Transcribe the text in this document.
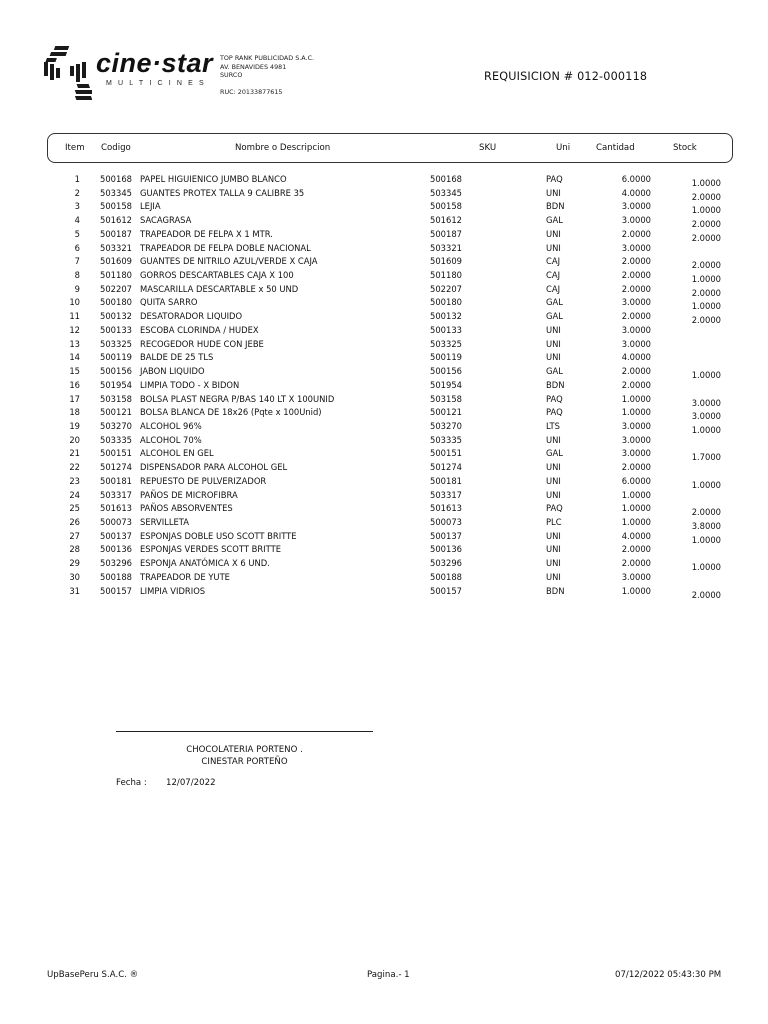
cine·star
MULTICINES
TOP RANK PUBLICIDAD S.A.C.
AV. BENAVIDES 4981
SURCO
RUC: 20133877615
REQUISICION # 012-000118
Item Codigo	Nombre o Descripcion	SKU	Uni	Cantidad	Stock
1 500168 PAPEL HIGUIENICO JUMBO BLANCO	500168	PAQ	6.0000	1.0000
2 503345 GUANTES PROTEX TALLA 9 CALIBRE 35	503345	UNI	4.0000	2.0000
3 500158 LEJIA	500158	BDN	3.0000	1.0000
4 501612 SACAGRASA	501612	GAL	3.0000	2.0000
5 500187 TRAPEADOR DE FELPA X 1 MTR.	500187	UNI	2.0000	2.0000
6 503321 TRAPEADOR DE FELPA DOBLE NACIONAL	503321	UNI	3.0000
7 501609 GUANTES DE NITRILO AZUL/VERDE X CAJA	501609	CAJ	2.0000	2.0000
8 501180 GORROS DESCARTABLES CAJA X 100	501180	CAJ	2.0000	1.0000
9 502207 MASCARILLA DESCARTABLE x 50 UND	502207	CAJ	2.0000	2.0000
10 500180 QUITA SARRO	500180	GAL	3.0000	1.0000
11 500132 DESATORADOR LIQUIDO	500132	GAL	2.0000	2.0000
12 500133 ESCOBA CLORINDA / HUDEX	500133	UNI	3.0000
13 503325 RECOGEDOR HUDE CON JEBE	503325	UNI	3.0000
14 500119 BALDE DE 25 TLS	500119	UNI	4.0000
15 500156 JABON LIQUIDO	500156	GAL	2.0000	1.0000
16 501954 LIMPIA TODO - X BIDON	501954	BDN	2.0000
17 503158 BOLSA PLAST NEGRA P/BAS 140 LT X 100UNID	503158	PAQ	1.0000	3.0000
18 500121 BOLSA BLANCA DE 18x26 (Pqte x 100Unid)	500121	PAQ	1.0000	3.0000
19 503270 ALCOHOL 96%	503270	LTS	3.0000	1.0000
20 503335 ALCOHOL 70%	503335	UNI	3.0000
21 500151 ALCOHOL EN GEL	500151	GAL	3.0000	1.7000
22 501274 DISPENSADOR PARA ALCOHOL GEL	501274	UNI	2.0000
23 500181 REPUESTO DE PULVERIZADOR	500181	UNI	6.0000	1.0000
24 503317 PAÑOS DE MICROFIBRA	503317	UNI	1.0000
25 501613 PAÑOS ABSORVENTES	501613	PAQ	1.0000	2.0000
26 500073 SERVILLETA	500073	PLC	1.0000	3.8000
27 500137 ESPONJAS DOBLE USO SCOTT BRITTE	500137	UNI	4.0000	1.0000
28 500136 ESPONJAS VERDES SCOTT BRITTE	500136	UNI	2.0000
29 503296 ESPONJA ANATÓMICA X 6 UND.	503296	UNI	2.0000	1.0000
30 500188 TRAPEADOR DE YUTE	500188	UNI	3.0000
31 500157 LIMPIA VIDRIOS	500157	BDN	1.0000	2.0000
CHOCOLATERIA PORTENO .
CINESTAR PORTEÑO
Fecha : 12/07/2022
UpBasePeru S.A.C. ®	Pagina.- 1	07/12/2022 05:43:30 PM
